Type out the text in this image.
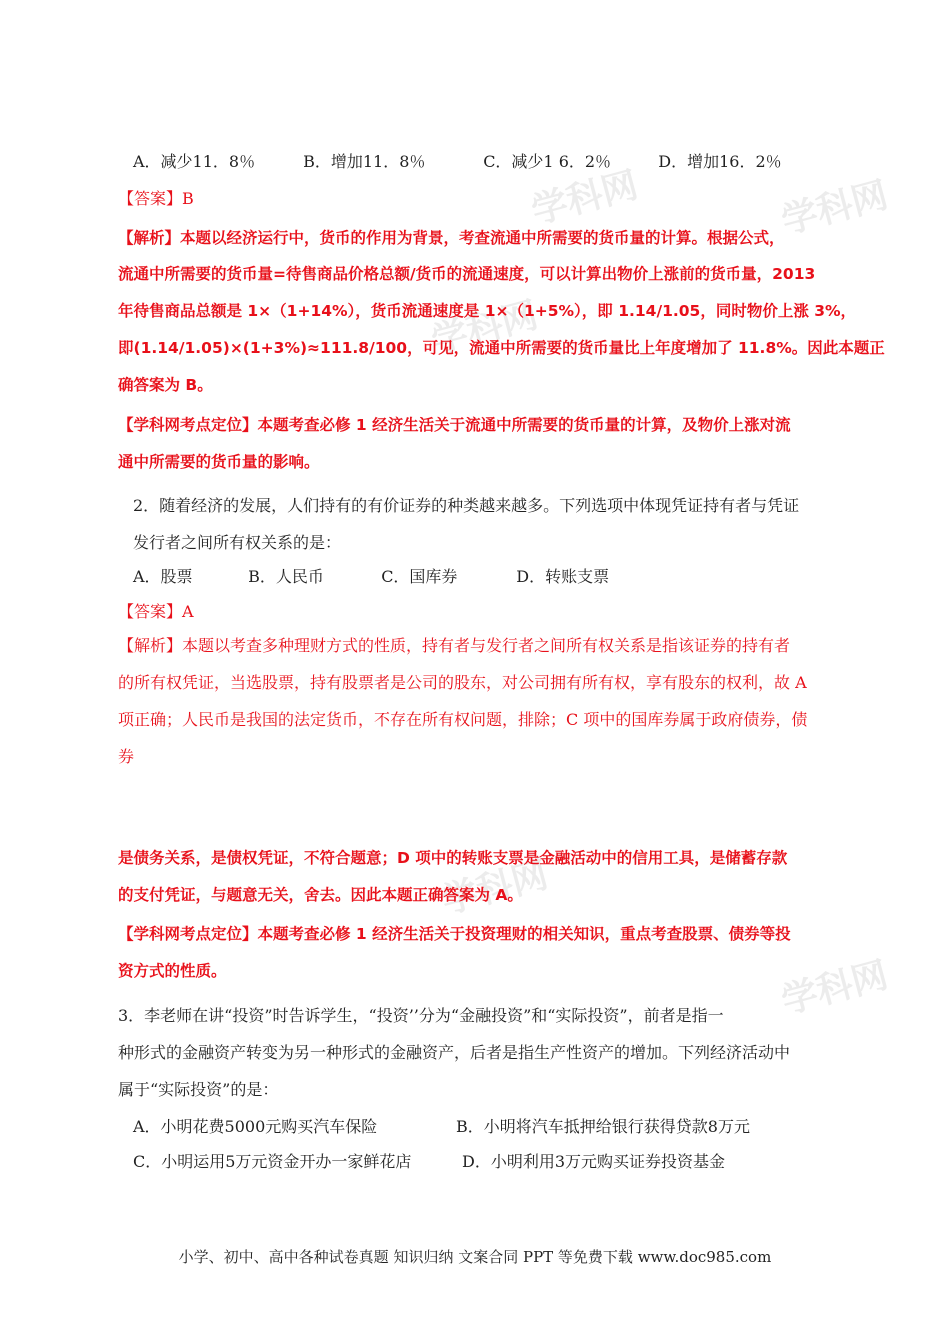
学科网	学科网
学科网
学科网
学科网
A．减少11．8％	B．增加11．8％	C．减少1 6．2％	D．增加16．2％
【答案】B
【解析】本题以经济运行中，货币的作用为背景，考查流通中所需要的货币量的计算。根据公式，
流通中所需要的货币量=待售商品价格总额/货币的流通速度，可以计算出物价上涨前的货币量，2013
年待售商品总额是 1×（1+14%），货币流通速度是 1×（1+5%），即 1.14/1.05，同时物价上涨 3%，
即(1.14/1.05)×(1+3%)≈111.8/100，可见，流通中所需要的货币量比上年度增加了 11.8%。因此本题正
确答案为 B。
【学科网考点定位】本题考查必修 1 经济生活关于流通中所需要的货币量的计算，及物价上涨对流
通中所需要的货币量的影响。
2．随着经济的发展，人们持有的有价证券的种类越来越多。下列选项中体现凭证持有者与凭证
发行者之间所有权关系的是：
A．股票	B．人民币	C．国库券	D．转账支票
【答案】A
【解析】本题以考查多种理财方式的性质，持有者与发行者之间所有权关系是指该证券的持有者
的所有权凭证，当选股票，持有股票者是公司的股东，对公司拥有所有权，享有股东的权利，故 A
项正确；人民币是我国的法定货币，不存在所有权问题，排除；C 项中的国库券属于政府债券，债
券
是债务关系，是债权凭证，不符合题意；D 项中的转账支票是金融活动中的信用工具，是储蓄存款
的支付凭证，与题意无关，舍去。因此本题正确答案为 A。
【学科网考点定位】本题考查必修 1 经济生活关于投资理财的相关知识，重点考查股票、债券等投
资方式的性质。
3．李老师在讲“投资”时告诉学生，“投资’’分为“金融投资”和“实际投资”，前者是指一
种形式的金融资产转变为另一种形式的金融资产，后者是指生产性资产的增加。下列经济活动中
属于“实际投资”的是：
A．小明花费5000元购买汽车保险	B．小明将汽车抵押给银行获得贷款8万元
C．小明运用5万元资金开办一家鲜花店	D．小明利用3万元购买证券投资基金
小学、初中、高中各种试卷真题 知识归纳 文案合同 PPT 等免费下载 www.doc985.com
